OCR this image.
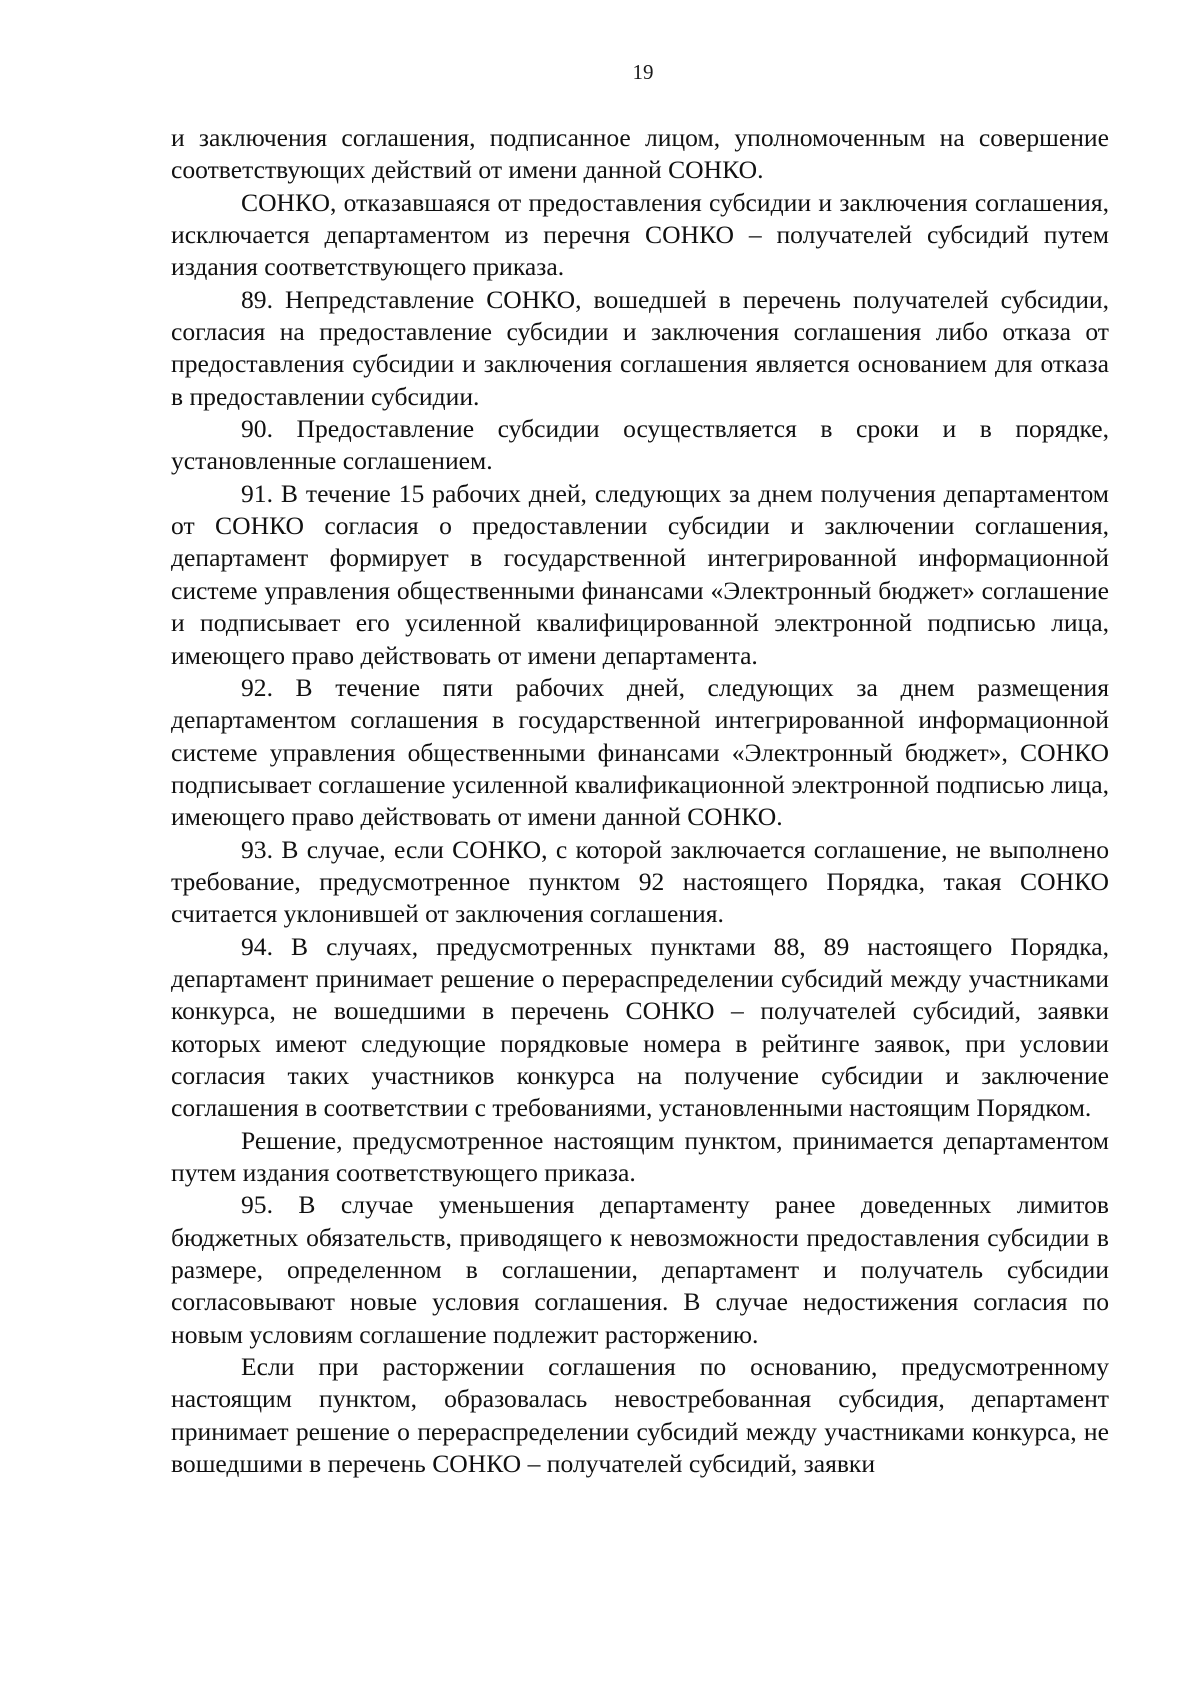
19

и заключения соглашения, подписанное лицом, уполномоченным на совершение соответствующих действий от имени данной СОНКО.

СОНКО, отказавшаяся от предоставления субсидии и заключения соглашения, исключается департаментом из перечня СОНКО – получателей субсидий путем издания соответствующего приказа.

89. Непредставление СОНКО, вошедшей в перечень получателей субсидии, согласия на предоставление субсидии и заключения соглашения либо отказа от предоставления субсидии и заключения соглашения является основанием для отказа в предоставлении субсидии.

90. Предоставление субсидии осуществляется в сроки и в порядке, установленные соглашением.

91. В течение 15 рабочих дней, следующих за днем получения департаментом от СОНКО согласия о предоставлении субсидии и заключении соглашения, департамент формирует в государственной интегрированной информационной системе управления общественными финансами «Электронный бюджет» соглашение и подписывает его усиленной квалифицированной электронной подписью лица, имеющего право действовать от имени департамента.

92. В течение пяти рабочих дней, следующих за днем размещения департаментом соглашения в государственной интегрированной информационной системе управления общественными финансами «Электронный бюджет», СОНКО подписывает соглашение усиленной квалификационной электронной подписью лица, имеющего право действовать от имени данной СОНКО.

93. В случае, если СОНКО, с которой заключается соглашение, не выполнено требование, предусмотренное пунктом 92 настоящего Порядка, такая СОНКО считается уклонившей от заключения соглашения.

94. В случаях, предусмотренных пунктами 88, 89 настоящего Порядка, департамент принимает решение о перераспределении субсидий между участниками конкурса, не вошедшими в перечень СОНКО – получателей субсидий, заявки которых имеют следующие порядковые номера в рейтинге заявок, при условии согласия таких участников конкурса на получение субсидии и заключение соглашения в соответствии с требованиями, установленными настоящим Порядком.

Решение, предусмотренное настоящим пунктом, принимается департаментом путем издания соответствующего приказа.

95. В случае уменьшения департаменту ранее доведенных лимитов бюджетных обязательств, приводящего к невозможности предоставления субсидии в размере, определенном в соглашении, департамент и получатель субсидии согласовывают новые условия соглашения. В случае недостижения согласия по новым условиям соглашение подлежит расторжению.

Если при расторжении соглашения по основанию, предусмотренному настоящим пунктом, образовалась невостребованная субсидия, департамент принимает решение о перераспределении субсидий между участниками конкурса, не вошедшими в перечень СОНКО – получателей субсидий, заявки
